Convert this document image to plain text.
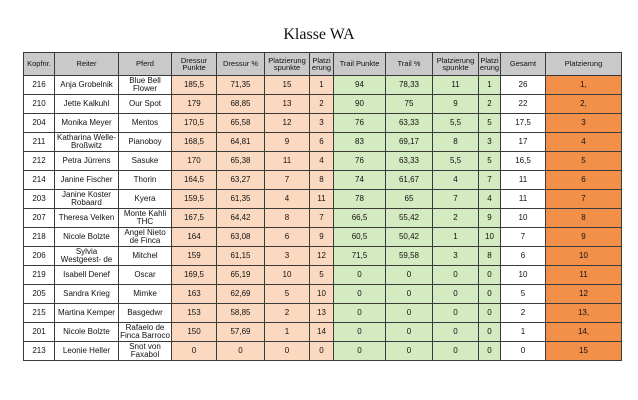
Klasse WA
Kopfnr.	Reiter	Pferd	Dressur Punkte	Dressur %	Platzierung spunkte	Platzi erung	Trail Punkte	Trail %	Platzierung spunkte	Platzi erung	Gesamt	Platzierung
216	Anja Grobelnik	Blue Bell Flower	185,5	71,35	15	1	94	78,33	11	1	26	1,
210	Jette Kalkuhl	Our Spot	179	68,85	13	2	90	75	9	2	22	2,
204	Monika Meyer	Mentos	170,5	65,58	12	3	76	63,33	5,5	5	17,5	3
211	Katharina Welle-Broßwitz	Pianoboy	168,5	64,81	9	6	83	69,17	8	3	17	4
212	Petra Jürrens	Sasuke	170	65,38	11	4	76	63,33	5,5	5	16,5	5
214	Janine Fischer	Thorin	164,5	63,27	7	8	74	61,67	4	7	11	6
203	Janine Koster Robaard	Kyera	159,5	61,35	4	11	78	65	7	4	11	7
207	Theresa Velken	Monte Kahli THC	167,5	64,42	8	7	66,5	55,42	2	9	10	8
218	Nicole Bolzte	Angel Nieto de Finca	164	63,08	6	9	60,5	50,42	1	10	7	9
206	Sylvia Westgeest- de	Mitchel	159	61,15	3	12	71,5	59,58	3	8	6	10
219	Isabell Denef	Oscar	169,5	65,19	10	5	0	0	0	0	10	11
205	Sandra Krieg	Mimke	163	62,69	5	10	0	0	0	0	5	12
215	Martina Kemper	Basgedwr	153	58,85	2	13	0	0	0	0	2	13,
201	Nicole Bolzte	Rafaelo de Finca Barroco	150	57,69	1	14	0	0	0	0	1	14,
213	Leonie Heller	Snot von Faxabol	0	0	0	0	0	0	0	0	0	15
